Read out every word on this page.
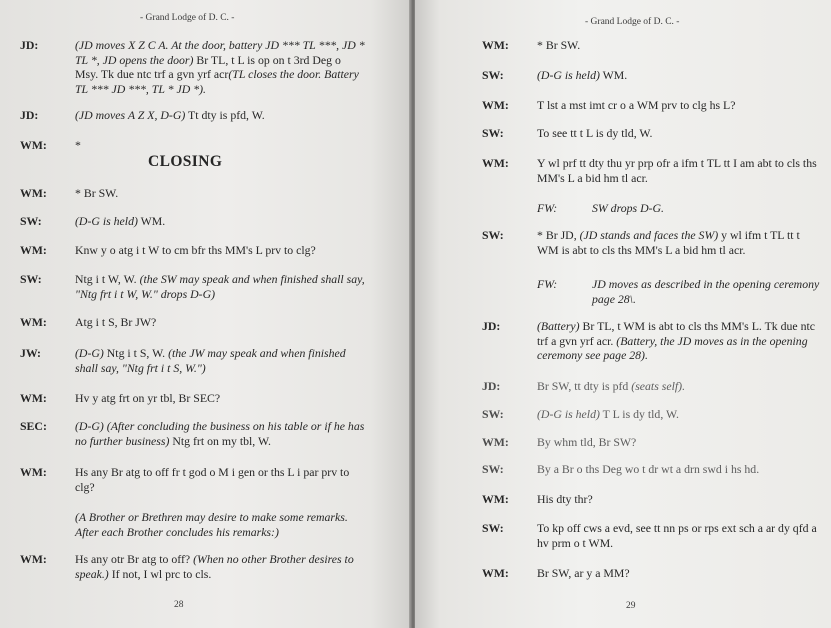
- Grand Lodge of D. C. -
JD:	(JD moves X Z C A. At the door, battery JD *** TL ***, JD * TL *, JD opens the door) Br TL, t L is op on t 3rd Deg o Msy. Tk due ntc trf a gvn yrf acr(TL closes the door. Battery TL *** JD ***, TL * JD *).
JD:	(JD moves A Z X, D-G) Tt dty is pfd, W.
WM: *
CLOSING
WM: * Br SW.
SW:	(D-G is held) WM.
WM: Knw y o atg i t W to cm bfr ths MM's L prv to clg?
SW:	Ntg i t W, W. (the SW may speak and when finished shall say, "Ntg frt i t W, W." drops D-G)
WM: Atg i t S, Br JW?
JW:	(D-G) Ntg i t S, W. (the JW may speak and when finished shall say, "Ntg frt i t S, W.")
WM: Hv y atg frt on yr tbl, Br SEC?
SEC: (D-G) (After concluding the business on his table or if he has no further business) Ntg frt on my tbl, W.
WM: Hs any Br atg to off fr t god o M i gen or ths L i par prv to clg?
(A Brother or Brethren may desire to make some remarks. After each Brother concludes his remarks:)
WM: Hs any otr Br atg to off? (When no other Brother desires to speak.) If not, I wl prc to cls.
28
- Grand Lodge of D. C. -
WM: * Br SW.
SW:	(D-G is held) WM.
WM: T lst a mst imt cr o a WM prv to clg hs L?
SW:	To see tt t L is dy tld, W.
WM: Y wl prf tt dty thu yr prp ofr a ifm t TL tt I am abt to cls ths MM's L a bid hm tl acr.
FW:	SW drops D-G.
SW:	* Br JD, (JD stands and faces the SW) y wl ifm t TL tt t WM is abt to cls ths MM's L a bid hm tl acr.
FW:	JD moves as described in the opening ceremony page 28\.
JD:	(Battery) Br TL, t WM is abt to cls ths MM's L. Tk due ntc trf a gvn yrf acr. (Battery, the JD moves as in the opening ceremony see page 28).
JD:	Br SW, tt dty is pfd (seats self).
SW:	(D-G is held) T L is dy tld, W.
WM: By whm tld, Br SW?
SW:	By a Br o ths Deg wo t dr wt a drn swd i hs hd.
WM: His dty thr?
SW:	To kp off cws a evd, see tt nn ps or rps ext sch a ar dy qfd a hv prm o t WM.
WM: Br SW, ar y a MM?
29
